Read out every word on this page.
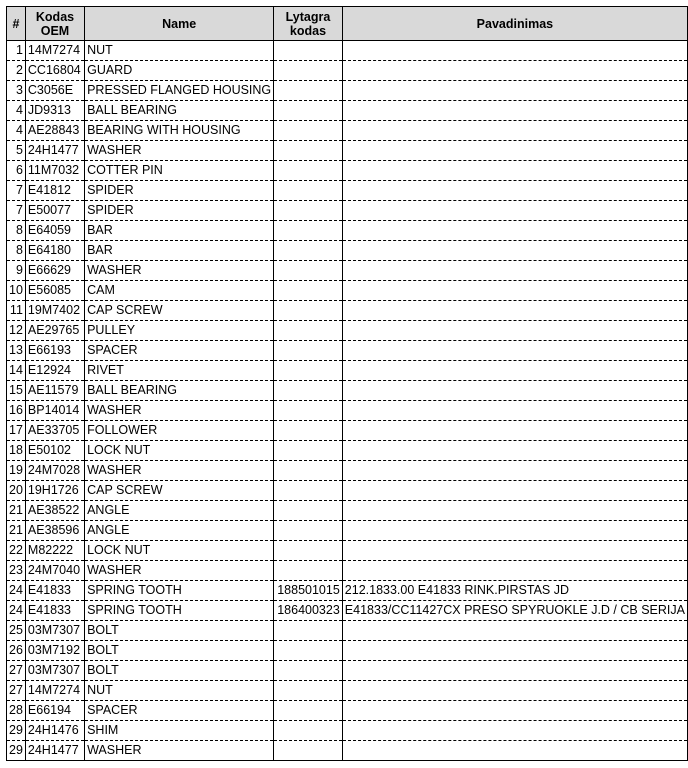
#	Kodas OEM	Name	Lytagra kodas	Pavadinimas
1	14M7274	NUT		
2	CC16804	GUARD		
3	C3056E	PRESSED FLANGED HOUSING		
4	JD9313	BALL BEARING		
4	AE28843	BEARING WITH HOUSING		
5	24H1477	WASHER		
6	11M7032	COTTER PIN		
7	E41812	SPIDER		
7	E50077	SPIDER		
8	E64059	BAR		
8	E64180	BAR		
9	E66629	WASHER		
10	E56085	CAM		
11	19M7402	CAP SCREW		
12	AE29765	PULLEY		
13	E66193	SPACER		
14	E12924	RIVET		
15	AE11579	BALL BEARING		
16	BP14014	WASHER		
17	AE33705	FOLLOWER		
18	E50102	LOCK NUT		
19	24M7028	WASHER		
20	19H1726	CAP SCREW		
21	AE38522	ANGLE		
21	AE38596	ANGLE		
22	M82222	LOCK NUT		
23	24M7040	WASHER		
24	E41833	SPRING TOOTH	188501015	212.1833.00 E41833 RINK.PIRSTAS JD
24	E41833	SPRING TOOTH	186400323	E41833/CC11427CX PRESO SPYRUOKLE J.D / CB SERIJA
25	03M7307	BOLT		
26	03M7192	BOLT		
27	03M7307	BOLT		
27	14M7274	NUT		
28	E66194	SPACER		
29	24H1476	SHIM		
29	24H1477	WASHER		
